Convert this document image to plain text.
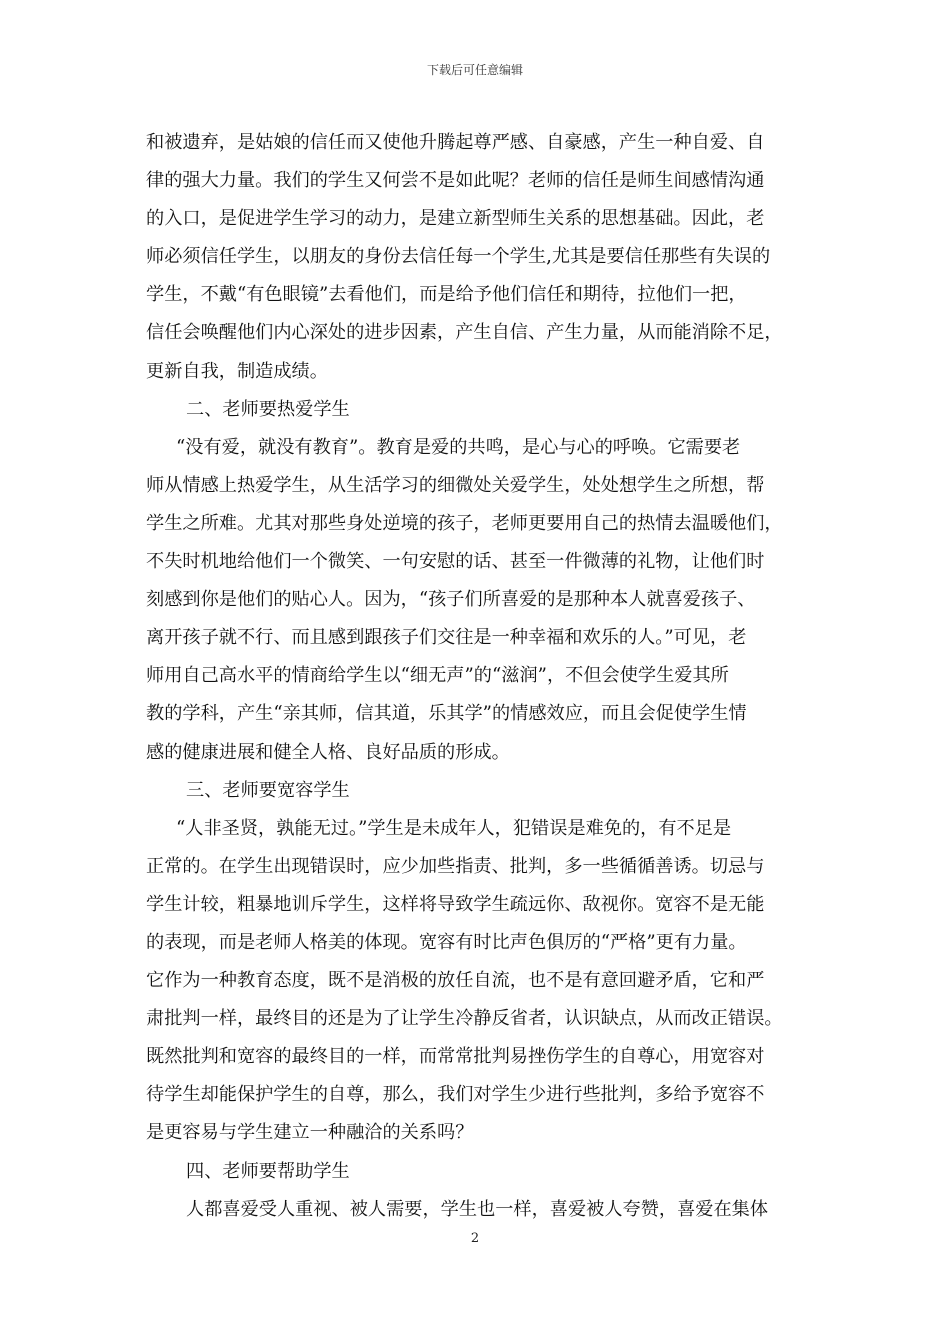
下载后可任意编辑
和被遗弃，是姑娘的信任而又使他升腾起尊严感、自豪感，产生一种自爱、自
律的强大力量。我们的学生又何尝不是如此呢？老师的信任是师生间感情沟通
的入口，是促进学生学习的动力，是建立新型师生关系的思想基础。因此，老
师必须信任学生，以朋友的身份去信任每一个学生,尤其是要信任那些有失误的
学生，不戴“有色眼镜”去看他们，而是给予他们信任和期待，拉他们一把，
信任会唤醒他们内心深处的进步因素，产生自信、产生力量，从而能消除不足，
更新自我，制造成绩。
二、老师要热爱学生
“没有爱，就没有教育”。教育是爱的共鸣，是心与心的呼唤。它需要老
师从情感上热爱学生，从生活学习的细微处关爱学生，处处想学生之所想，帮
学生之所难。尤其对那些身处逆境的孩子，老师更要用自己的热情去温暖他们，
不失时机地给他们一个微笑、一句安慰的话、甚至一件微薄的礼物，让他们时
刻感到你是他们的贴心人。因为，“孩子们所喜爱的是那种本人就喜爱孩子、
离开孩子就不行、而且感到跟孩子们交往是一种幸福和欢乐的人。”可见，老
师用自己高水平的情商给学生以“细无声”的“滋润”，不但会使学生爱其所
教的学科，产生“亲其师，信其道，乐其学”的情感效应，而且会促使学生情
感的健康进展和健全人格、良好品质的形成。
三、老师要宽容学生
“人非圣贤，孰能无过。”学生是未成年人，犯错误是难免的，有不足是
正常的。在学生出现错误时，应少加些指责、批判，多一些循循善诱。切忌与
学生计较，粗暴地训斥学生，这样将导致学生疏远你、敌视你。宽容不是无能
的表现，而是老师人格美的体现。宽容有时比声色俱厉的“严格”更有力量。
它作为一种教育态度，既不是消极的放任自流，也不是有意回避矛盾，它和严
肃批判一样，最终目的还是为了让学生冷静反省者，认识缺点，从而改正错误。
既然批判和宽容的最终目的一样，而常常批判易挫伤学生的自尊心，用宽容对
待学生却能保护学生的自尊，那么，我们对学生少进行些批判，多给予宽容不
是更容易与学生建立一种融洽的关系吗？
四、老师要帮助学生
人都喜爱受人重视、被人需要，学生也一样，喜爱被人夸赞，喜爱在集体
2
